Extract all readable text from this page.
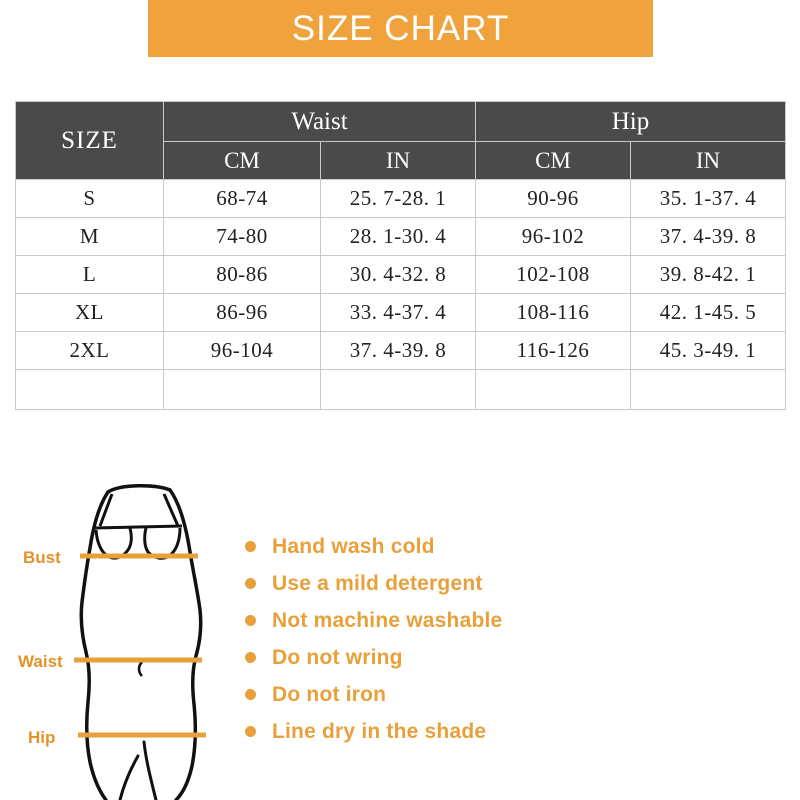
SIZE CHART
SIZE	Waist		Hip	
	CM	IN	CM	IN
S	68-74	25. 7-28. 1	90-96	35. 1-37. 4
M	74-80	28. 1-30. 4	96-102	37. 4-39. 8
L	80-86	30. 4-32. 8	102-108	39. 8-42. 1
XL	86-96	33. 4-37. 4	108-116	42. 1-45. 5
2XL	96-104	37. 4-39. 8	116-126	45. 3-49. 1

Bust
Waist
Hip
Hand wash cold
Use a mild detergent
Not machine washable
Do not wring
Do not iron
Line dry in the shade
